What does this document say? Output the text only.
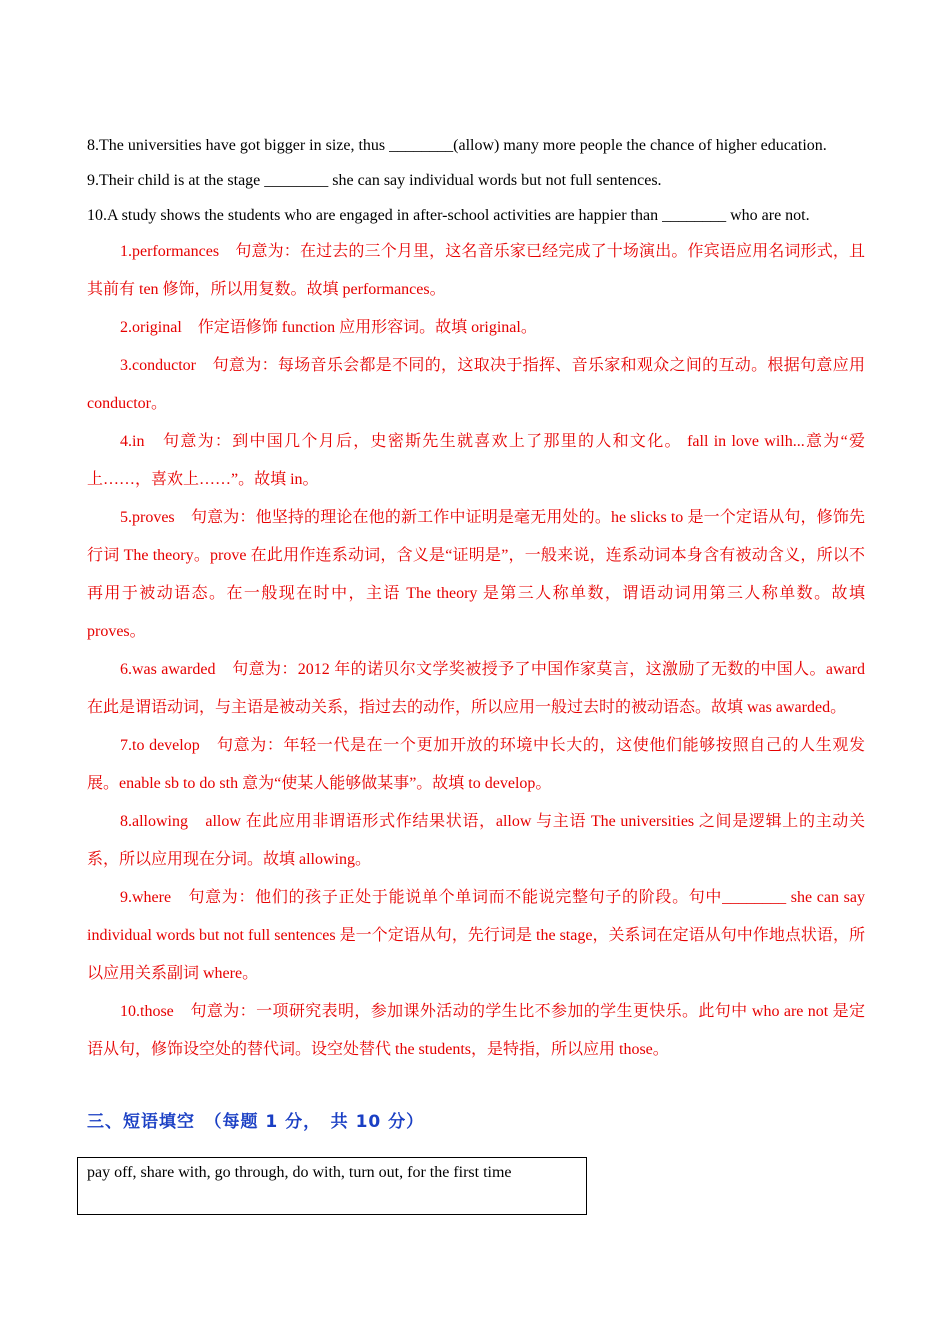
8.The universities have got bigger in size, thus ________(allow) many more people the chance of higher education.

9.Their child is at the stage ________ she can say individual words but not full sentences.

10.A study shows the students who are engaged in after-school activities are happier than ________ who are not.

1.performances　句意为：在过去的三个月里，这名音乐家已经完成了十场演出。作宾语应用名词形式，且其前有 ten 修饰，所以用复数。故填 performances。

2.original　作定语修饰 function 应用形容词。故填 original。

3.conductor　句意为：每场音乐会都是不同的，这取决于指挥、音乐家和观众之间的互动。根据句意应用 conductor。

4.in　句意为：到中国几个月后，史密斯先生就喜欢上了那里的人和文化。 fall in love wilh...意为“爱上……，喜欢上……”。故填 in。

5.proves　句意为：他坚持的理论在他的新工作中证明是毫无用处的。he slicks to 是一个定语从句，修饰先行词 The theory。prove 在此用作连系动词，含义是“证明是”，一般来说，连系动词本身含有被动含义，所以不再用于被动语态。在一般现在时中，主语 The theory 是第三人称单数，谓语动词用第三人称单数。故填 proves。

6.was awarded　句意为：2012 年的诺贝尔文学奖被授予了中国作家莫言，这激励了无数的中国人。award 在此是谓语动词，与主语是被动关系，指过去的动作，所以应用一般过去时的被动语态。故填 was awarded。

7.to develop　句意为：年轻一代是在一个更加开放的环境中长大的，这使他们能够按照自己的人生观发展。enable sb to do sth 意为“使某人能够做某事”。故填 to develop。

8.allowing　allow 在此应用非谓语形式作结果状语，allow 与主语 The universities 之间是逻辑上的主动关系，所以应用现在分词。故填 allowing。

9.where　句意为：他们的孩子正处于能说单个单词而不能说完整句子的阶段。句中________ she can say individual words but not full sentences 是一个定语从句，先行词是 the stage，关系词在定语从句中作地点状语，所以应用关系副词 where。

10.those　句意为：一项研究表明，参加课外活动的学生比不参加的学生更快乐。此句中 who are not 是定语从句，修饰设空处的替代词。设空处替代 the students，是特指，所以应用 those。

三、短语填空　（每题 1 分，　共 10 分）

pay off, share with, go through, do with, turn out, for the first time
